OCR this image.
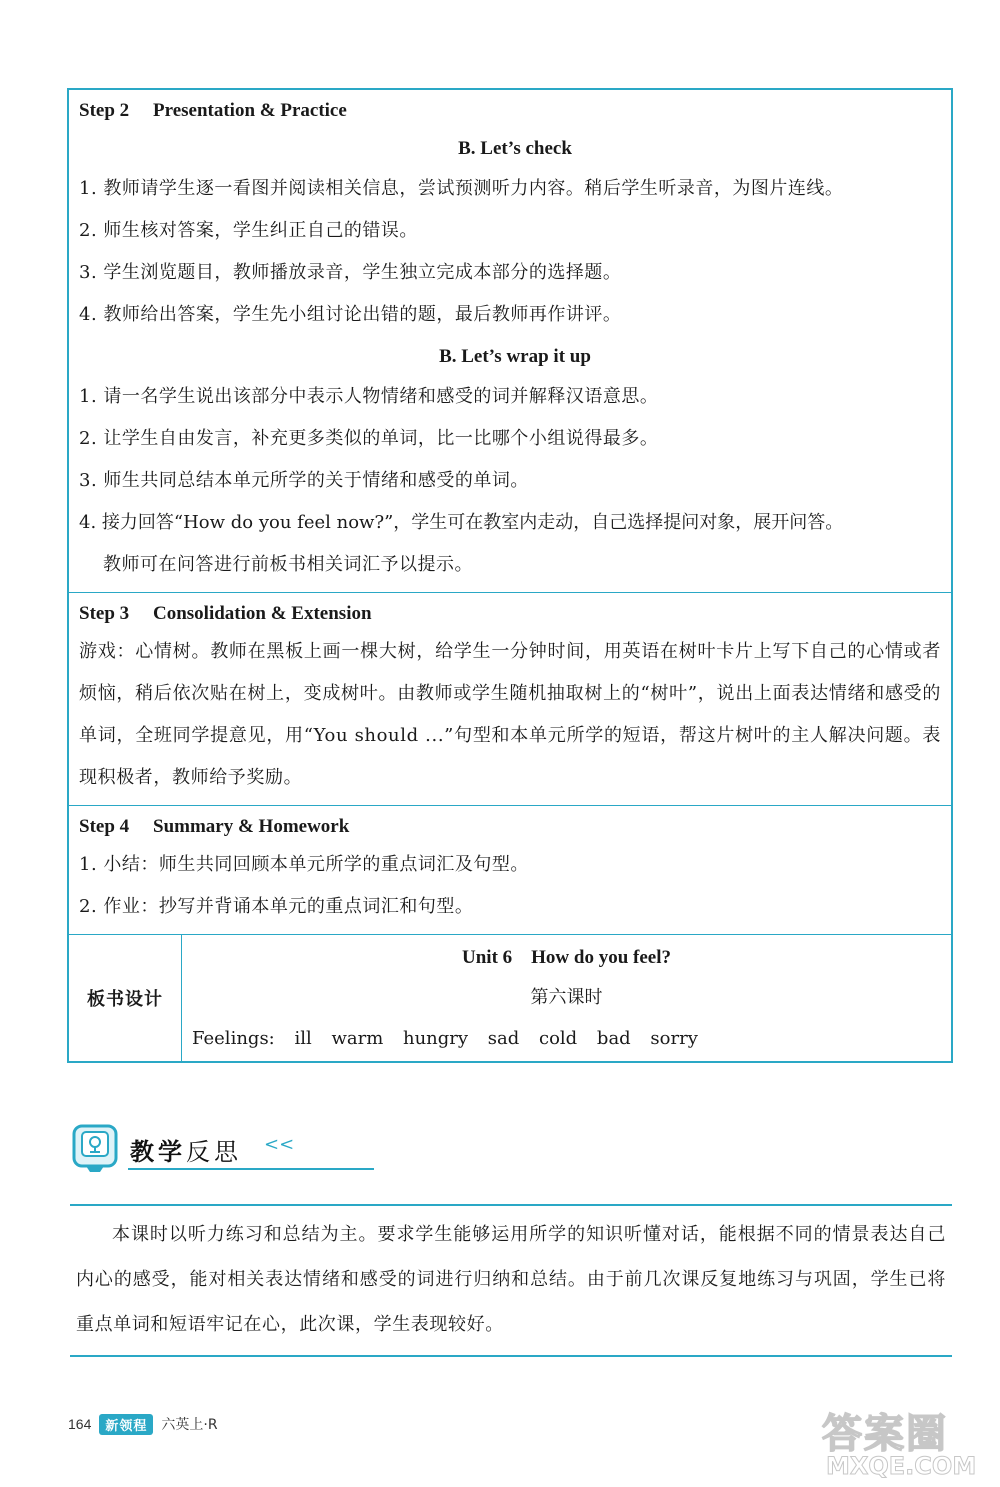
Step 2 Presentation & Practice
B. Let’s check
1. 教师请学生逐一看图并阅读相关信息，尝试预测听力内容。稍后学生听录音，为图片连线。
2. 师生核对答案，学生纠正自己的错误。
3. 学生浏览题目，教师播放录音，学生独立完成本部分的选择题。
4. 教师给出答案，学生先小组讨论出错的题，最后教师再作讲评。
B. Let’s wrap it up
1. 请一名学生说出该部分中表示人物情绪和感受的词并解释汉语意思。
2. 让学生自由发言，补充更多类似的单词，比一比哪个小组说得最多。
3. 师生共同总结本单元所学的关于情绪和感受的单词。
4. 接力回答“How do you feel now?”，学生可在教室内走动，自己选择提问对象，展开问答。
教师可在问答进行前板书相关词汇予以提示。
Step 3 Consolidation & Extension
游戏：心情树。教师在黑板上画一棵大树，给学生一分钟时间，用英语在树叶卡片上写下自己的心情或者烦恼，稍后依次贴在树上，变成树叶。由教师或学生随机抽取树上的“树叶”，说出上面表达情绪和感受的单词，全班同学提意见，用“You should ...”句型和本单元所学的短语，帮这片树叶的主人解决问题。表现积极者，教师给予奖励。
Step 4 Summary & Homework
1. 小结：师生共同回顾本单元所学的重点词汇及句型。
2. 作业：抄写并背诵本单元的重点词汇和句型。
板书设计
Unit 6    How do you feel?
第六课时
Feelings: ill warm hungry sad cold bad sorry
教学反思 <<
本课时以听力练习和总结为主。要求学生能够运用所学的知识听懂对话，能根据不同的情景表达自己内心的感受，能对相关表达情绪和感受的词进行归纳和总结。由于前几次课反复地练习与巩固，学生已将重点单词和短语牢记在心，此次课，学生表现较好。
164	新领程	六英上·R	答案圈
MXQE.COM
